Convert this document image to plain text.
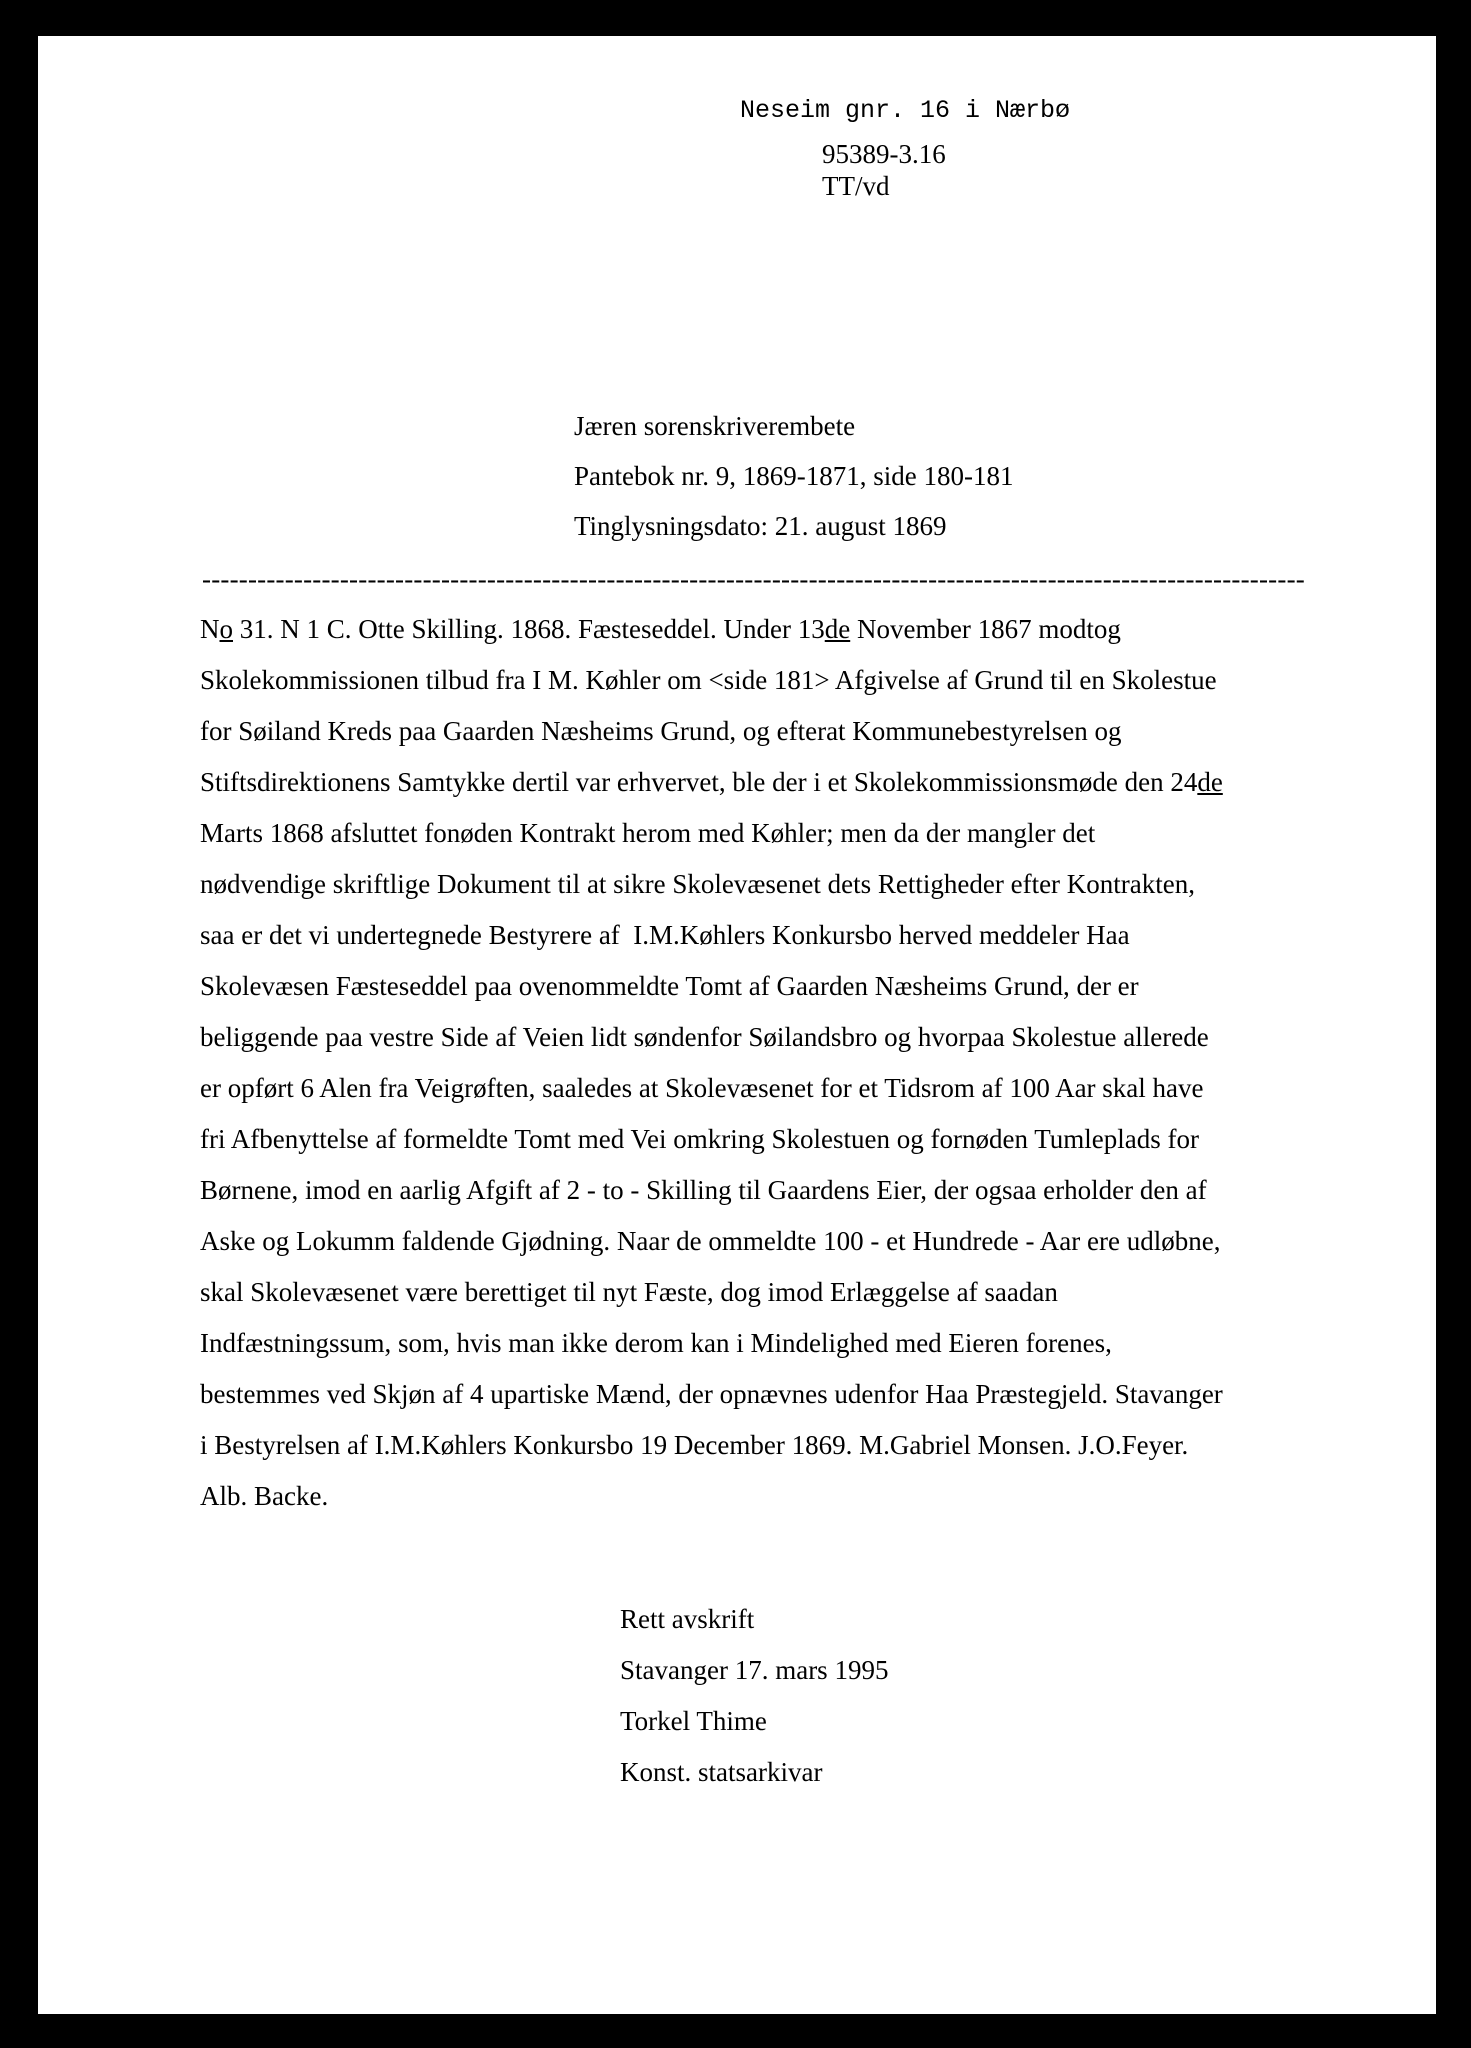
Neseim gnr. 16 i Nærbø
95389-3.16
TT/vd
Jæren sorenskriverembete
Pantebok nr. 9, 1869-1871, side 180-181
Tinglysningsdato: 21. august 1869
------------------------------------------------------------------------------------------------------------------------
No 31. N 1 C. Otte Skilling. 1868. Fæsteseddel. Under 13de November 1867 modtog
Skolekommissionen tilbud fra I M. Køhler om <side 181> Afgivelse af Grund til en Skolestue
for Søiland Kreds paa Gaarden Næsheims Grund, og efterat Kommunebestyrelsen og
Stiftsdirektionens Samtykke dertil var erhvervet, ble der i et Skolekommissionsmøde den 24de
Marts 1868 afsluttet fonøden Kontrakt herom med Køhler; men da der mangler det
nødvendige skriftlige Dokument til at sikre Skolevæsenet dets Rettigheder efter Kontrakten,
saa er det vi undertegnede Bestyrere af  I.M.Køhlers Konkursbo herved meddeler Haa
Skolevæsen Fæsteseddel paa ovenommeldte Tomt af Gaarden Næsheims Grund, der er
beliggende paa vestre Side af Veien lidt søndenfor Søilandsbro og hvorpaa Skolestue allerede
er opført 6 Alen fra Veigrøften, saaledes at Skolevæsenet for et Tidsrom af 100 Aar skal have
fri Afbenyttelse af formeldte Tomt med Vei omkring Skolestuen og fornøden Tumleplads for
Børnene, imod en aarlig Afgift af 2 - to - Skilling til Gaardens Eier, der ogsaa erholder den af
Aske og Lokumm faldende Gjødning. Naar de ommeldte 100 - et Hundrede - Aar ere udløbne,
skal Skolevæsenet være berettiget til nyt Fæste, dog imod Erlæggelse af saadan
Indfæstningssum, som, hvis man ikke derom kan i Mindelighed med Eieren forenes,
bestemmes ved Skjøn af 4 upartiske Mænd, der opnævnes udenfor Haa Præstegjeld. Stavanger
i Bestyrelsen af I.M.Køhlers Konkursbo 19 December 1869. M.Gabriel Monsen. J.O.Feyer.
Alb. Backe.
Rett avskrift
Stavanger 17. mars 1995
Torkel Thime
Konst. statsarkivar
